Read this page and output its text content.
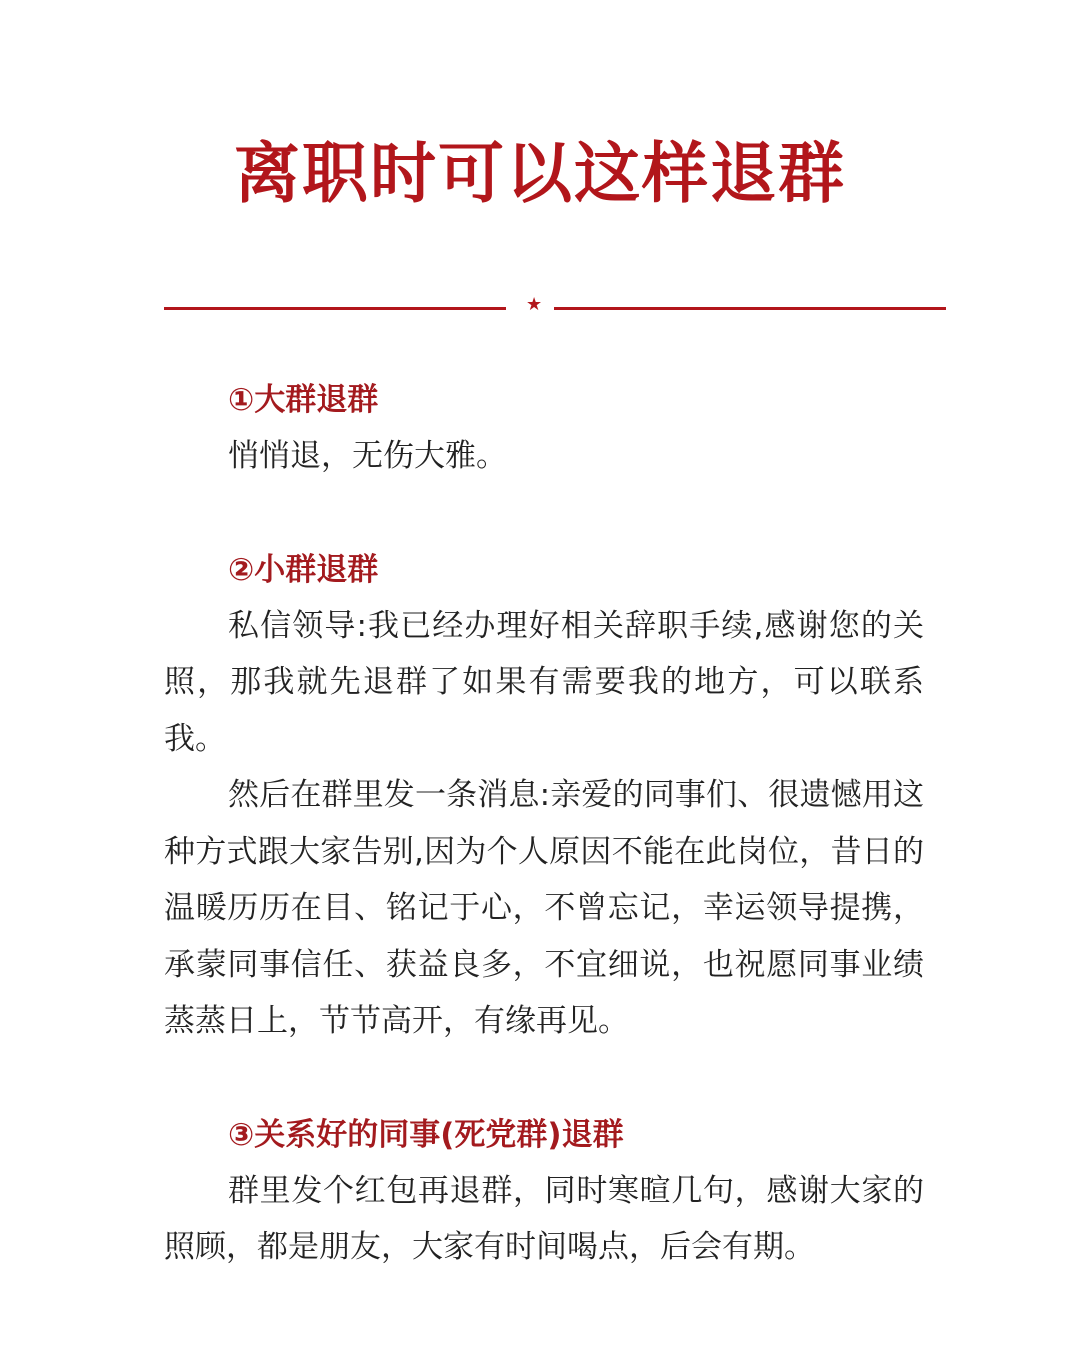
离职时可以这样退群
★

①大群退群

悄悄退，无伤大雅。

②小群退群

私信领导:我已经办理好相关辞职手续,感谢您的关照，那我就先退群了如果有需要我的地方，可以联系我。

然后在群里发一条消息:亲爱的同事们、很遗憾用这种方式跟大家告别,因为个人原因不能在此岗位，昔日的温暖历历在目、铭记于心，不曾忘记，幸运领导提携，承蒙同事信任、获益良多，不宜细说，也祝愿同事业绩蒸蒸日上，节节高开，有缘再见。

③关系好的同事(死党群)退群

群里发个红包再退群，同时寒暄几句，感谢大家的照顾，都是朋友，大家有时间喝点，后会有期。
